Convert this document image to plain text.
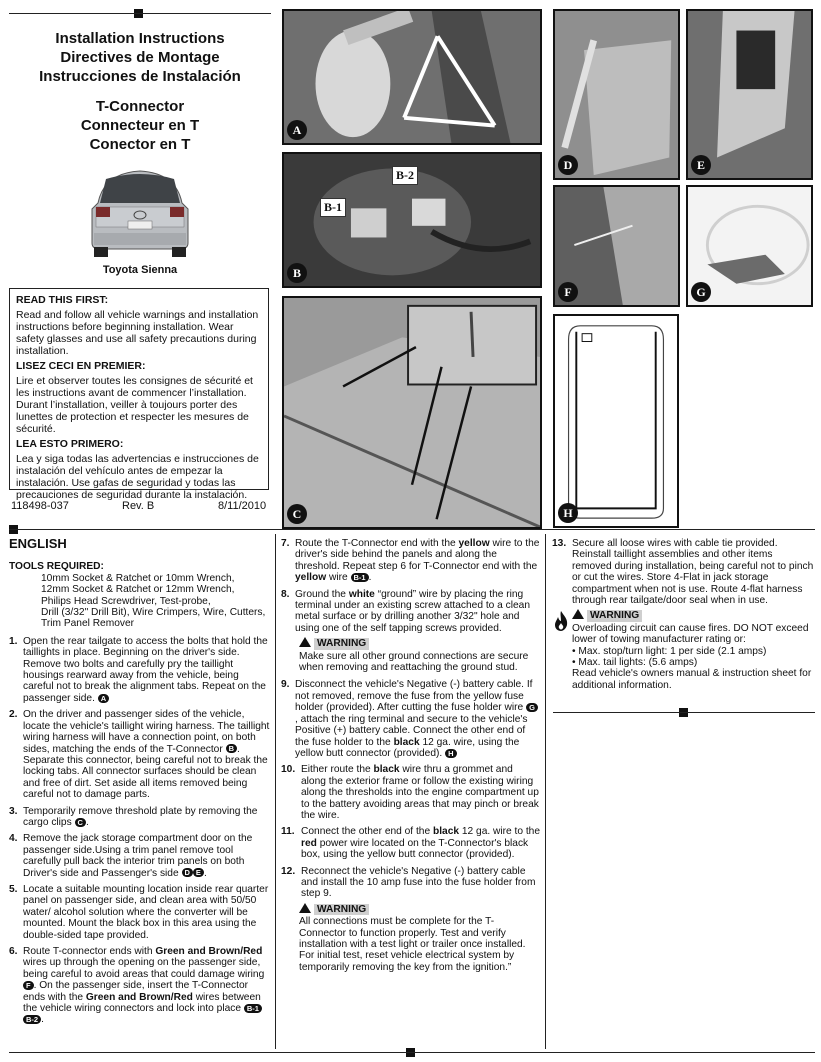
Installation Instructions
Directives de Montage
Instrucciones de Instalación
T-Connector
Connecteur en T
Conector en T
Toyota Sienna

READ THIS FIRST:

Read and follow all vehicle warnings and installation instructions before beginning installation. Wear safety glasses and use all safety precautions during installation.

LISEZ CECI EN PREMIER:

Lire et observer toutes les consignes de sécurité et les instructions avant de commencer l’installation. Durant l’installation, veiller à toujours porter des lunettes de protection et respecter les mesures de sécurité.

LEA ESTO PRIMERO:

Lea y siga todas las advertencias e instrucciones de instalación del vehículo antes de empezar la instalación. Use gafas de seguridad y todas las precauciones de seguridad durante la instalación.

118498-037	Rev. B	8/11/2010
A
B-1
B-2
B
C
D	E
F	G
H
ENGLISH
TOOLS REQUIRED:
10mm Socket & Ratchet or 10mm Wrench,
12mm Socket & Ratchet or 12mm Wrench,
Philips Head Screwdriver, Test-probe,
Drill (3/32" Drill Bit), Wire Crimpers, Wire, Cutters,
Trim Panel Remover
1. Open the rear tailgate to access the bolts that hold the taillights in place. Beginning on the driver's side. Remove two bolts and carefully pry the taillight housings rearward away from the vehicle, being careful not to break the alignment tabs. Repeat on the passenger side. A
2. On the driver and passenger sides of the vehicle, locate the vehicle's taillight wiring harness. The taillight wiring harness will have a connection point, on both sides, matching the ends of the T-Connector B . Separate this connector, being careful not to break the locking tabs. All connector surfaces should be clean and free of dirt. Set aside all items removed being careful not to damage parts.
3. Temporarily remove threshold plate by removing the cargo clips C .
4. Remove the jack storage compartment door on the passenger side.Using a trim panel remove tool carefully pull back the interior trim panels on both Driver's side and Passenger's side D E .
5. Locate a suitable mounting location inside rear quarter panel on passenger side, and clean area with 50/50 water/ alcohol solution where the converter will be mounted. Mount the black box in this area using the double-sided tape provided.
6. Route T-connector ends with Green and Brown/Red wires up through the opening on the passenger side, being careful to avoid areas that could damage wiring F . On the passenger side, insert the T-Connector ends with the Green and Brown/Red wires between the vehicle wiring connectors and lock into place B-1 B-2 .
7. Route the T-Connector end with the yellow wire to the driver's side behind the panels and along the threshold. Repeat step 6 for T-Connector end with the yellow wire B-1 .
8. Ground the white “ground” wire by placing the ring terminal under an existing screw attached to a clean metal surface or by drilling another 3/32" hole and using one of the self tapping screws provided.
WARNING
Make sure all other ground connections are secure when removing and reattaching the ground stud.
9. Disconnect the vehicle's Negative (-) battery cable. If not removed, remove the fuse from the yellow fuse holder (provided). After cutting the fuse holder wire G, attach the ring terminal and secure to the vehicle's Positive (+) battery cable. Connect the other end of the fuse holder to the black 12 ga. wire, using the yellow butt connector (provided). H
10. Either route the black wire thru a grommet and along the exterior frame or follow the existing wiring along the thresholds into the engine compartment up to the battery avoiding areas that may pinch or break the wire.
11. Connect the other end of the black 12 ga. wire to the red power wire located on the T-Connector's black box, using the yellow butt connector (provided).
12. Reconnect the vehicle's Negative (-) battery cable and install the 10 amp fuse into the fuse holder from step 9.
WARNING
All connections must be complete for the T-Connector to function properly. Test and verify installation with a test light or trailer once installed. For initial test, reset vehicle electrical system by temporarily removing the key from the ignition.”
13. Secure all loose wires with cable tie provided. Reinstall taillight assemblies and other items removed during installation, being careful not to pinch or cut the wires. Store 4-Flat in jack storage compartment when not is use. Route 4-flat harness through rear tailgate/door seal when in use.
WARNING
Overloading circuit can cause fires. DO NOT exceed lower of towing manufacturer rating or:
• Max. stop/turn light: 1 per side (2.1 amps)
• Max. tail lights: (5.6 amps)
Read vehicle's owners manual & instruction sheet for additional information.
